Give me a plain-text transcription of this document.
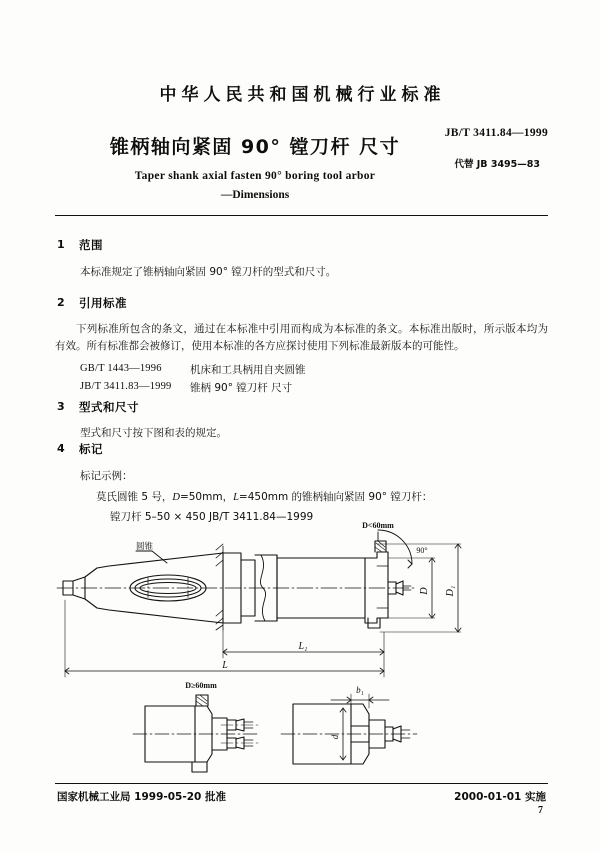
中华人民共和国机械行业标准
锥柄轴向紧固 90° 镗刀杆 尺寸
Taper shank axial fasten 90° boring tool arbor
—Dimensions
JB/T 3411.84—1999
代替 JB 3495—83
1 范围
本标准规定了锥柄轴向紧固 90° 镗刀杆的型式和尺寸。
2 引用标准
下列标准所包含的条文，通过在本标准中引用而构成为本标准的条文。本标准出版时，所示版本均为有效。所有标准都会被修订，使用本标准的各方应探讨使用下列标准最新版本的可能性。
GB/T 1443—1996	机床和工具柄用自夹圆锥
JB/T 3411.83—1999 锥柄 90° 镗刀杆 尺寸
3 型式和尺寸
型式和尺寸按下图和表的规定。
4 标记
标记示例：
莫氏圆锥 5 号，D=50mm，L=450mm 的锥柄轴向紧固 90° 镗刀杆：
镗刀杆 5–50 × 450 JB/T 3411.84—1999
圆锥
D<60mm
90°
D D₁
L₁
L
D≥60mm	b₁
d
国家机械工业局 1999-05-20 批准	2000-01-01 实施
7
